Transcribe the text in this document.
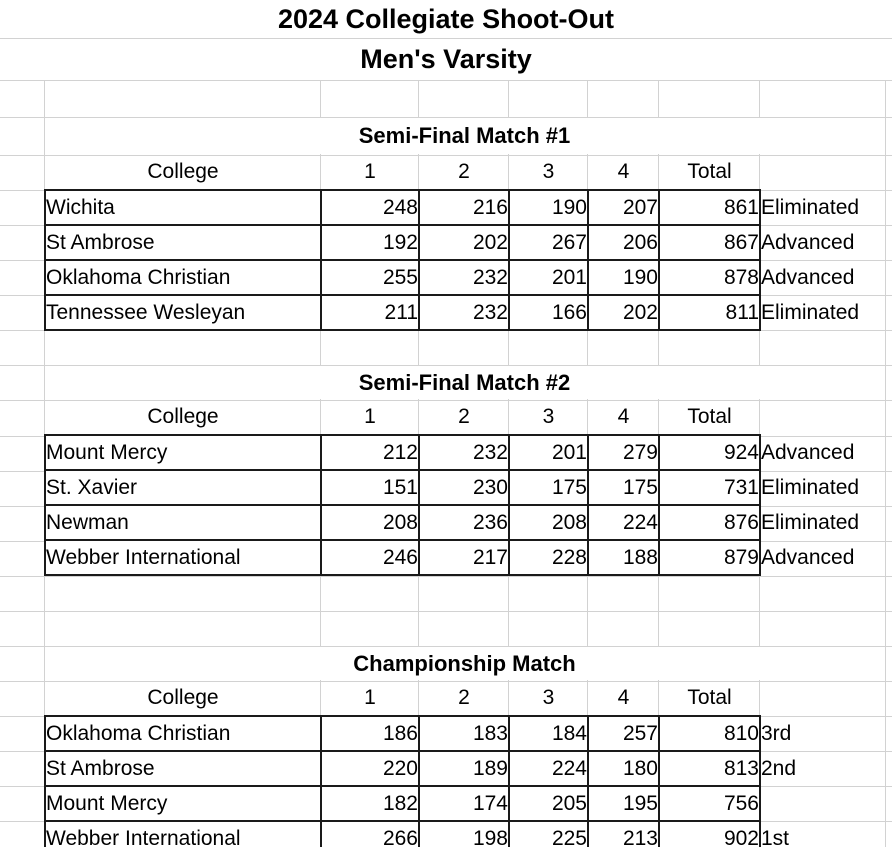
2024 Collegiate Shoot-Out
Men's Varsity
Semi-Final Match #1
College	1	2	3	4	Total	
Wichita	248	216	190	207	861	Eliminated
St Ambrose	192	202	267	206	867	Advanced
Oklahoma Christian	255	232	201	190	878	Advanced
Tennessee Wesleyan	211	232	166	202	811	Eliminated
Semi-Final Match #2
College	1	2	3	4	Total	
Mount Mercy	212	232	201	279	924	Advanced
St. Xavier	151	230	175	175	731	Eliminated
Newman	208	236	208	224	876	Eliminated
Webber International	246	217	228	188	879	Advanced
Championship Match
College	1	2	3	4	Total	
Oklahoma Christian	186	183	184	257	810	3rd
St Ambrose	220	189	224	180	813	2nd
Mount Mercy	182	174	205	195	756	
Webber International	266	198	225	213	902	1st
